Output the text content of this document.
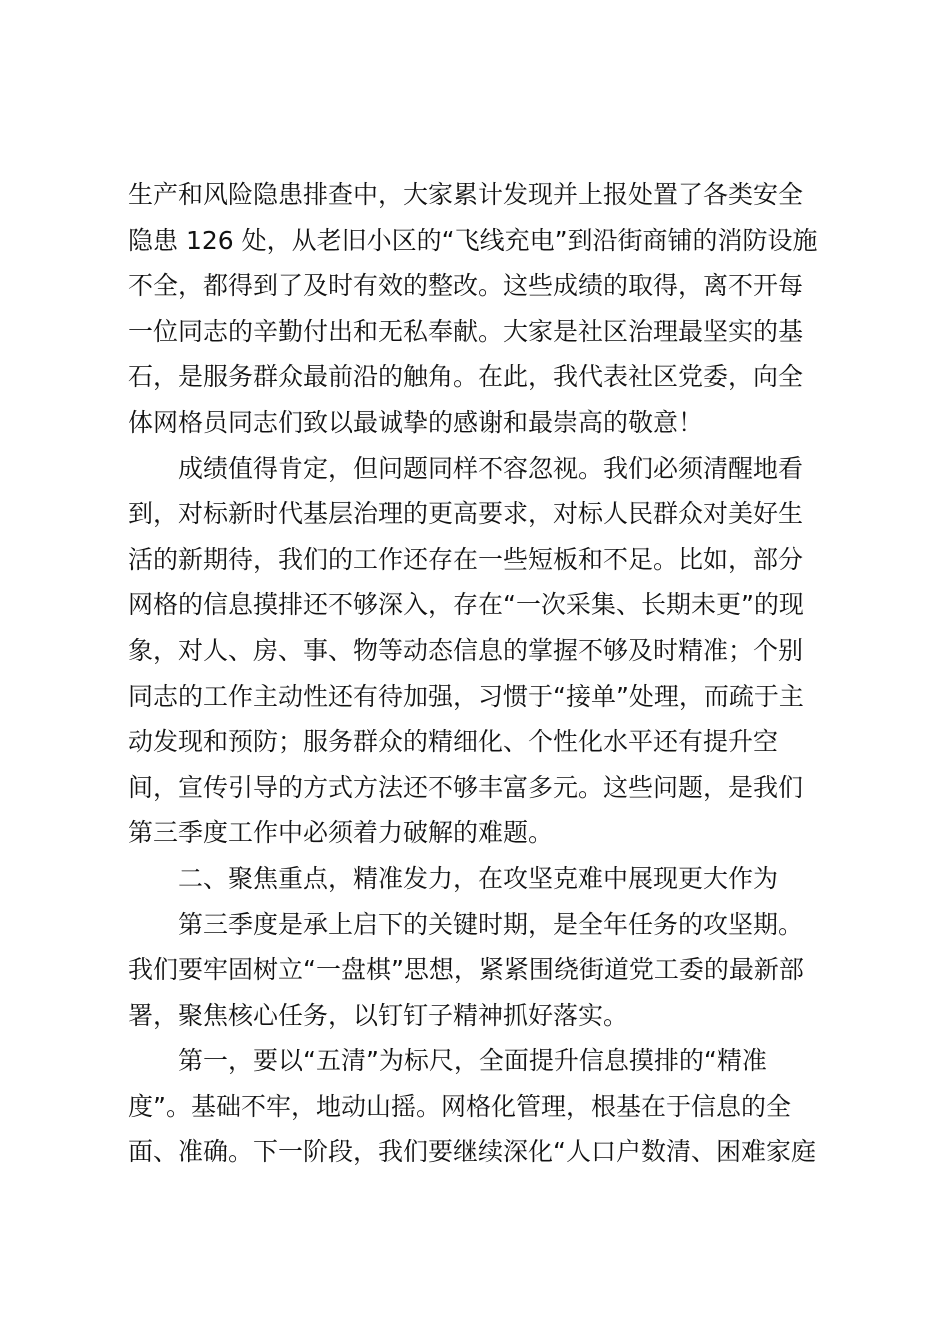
生产和风险隐患排查中，大家累计发现并上报处置了各类安全
隐患 126 处，从老旧小区的“飞线充电”到沿街商铺的消防设施
不全，都得到了及时有效的整改。这些成绩的取得，离不开每
一位同志的辛勤付出和无私奉献。大家是社区治理最坚实的基
石，是服务群众最前沿的触角。在此，我代表社区党委，向全
体网格员同志们致以最诚挚的感谢和最崇高的敬意！
成绩值得肯定，但问题同样不容忽视。我们必须清醒地看
到，对标新时代基层治理的更高要求，对标人民群众对美好生
活的新期待，我们的工作还存在一些短板和不足。比如，部分
网格的信息摸排还不够深入，存在“一次采集、长期未更”的现
象，对人、房、事、物等动态信息的掌握不够及时精准；个别
同志的工作主动性还有待加强，习惯于“接单”处理，而疏于主
动发现和预防；服务群众的精细化、个性化水平还有提升空
间，宣传引导的方式方法还不够丰富多元。这些问题，是我们
第三季度工作中必须着力破解的难题。
二、聚焦重点，精准发力，在攻坚克难中展现更大作为
第三季度是承上启下的关键时期，是全年任务的攻坚期。
我们要牢固树立“一盘棋”思想，紧紧围绕街道党工委的最新部
署，聚焦核心任务，以钉钉子精神抓好落实。
第一，要以“五清”为标尺，全面提升信息摸排的“精准
度”。基础不牢，地动山摇。网格化管理，根基在于信息的全
面、准确。下一阶段，我们要继续深化“人口户数清、困难家庭
